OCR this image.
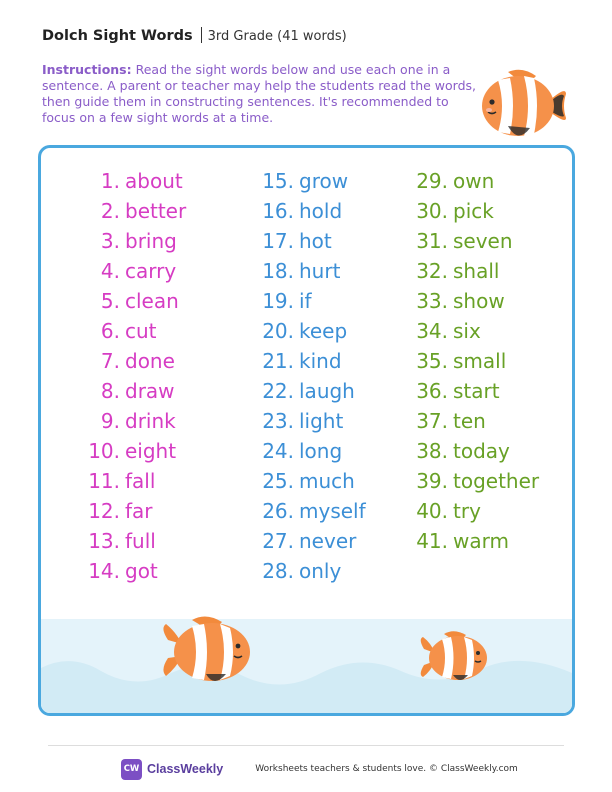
Dolch Sight Words 3rd Grade (41 words)
Instructions: Read the sight words below and use each one in a sentence. A parent or teacher may help the students read the words, then guide them in constructing sentences. It's recommended to focus on a few sight words at a time.
1. about
2. better
3. bring
4. carry
5. clean
6. cut
7. done
8. draw
9. drink
10. eight
11. fall
12. far
13. full
14. got
15. grow
16. hold
17. hot
18. hurt
19. if
20. keep
21. kind
22. laugh
23. light
24. long
25. much
26. myself
27. never
28. only
29. own
30. pick
31. seven
32. shall
33. show
34. six
35. small
36. start
37. ten
38. today
39. together
40. try
41. warm
CW ClassWeekly	Worksheets teachers & students love. © ClassWeekly.com
